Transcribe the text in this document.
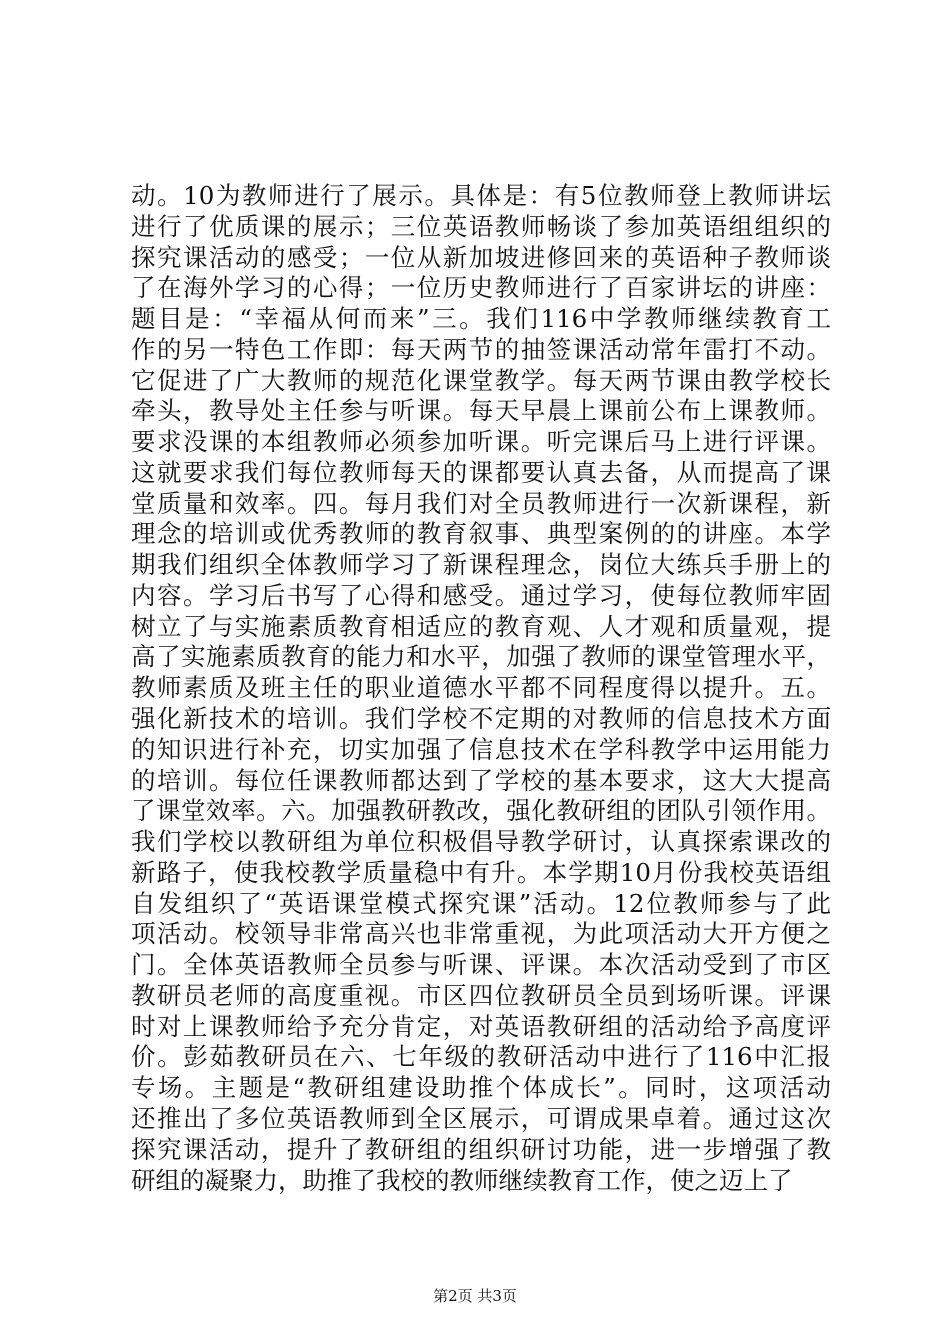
动。10为教师进行了展示。具体是：有5位教师登上教师讲坛
进行了优质课的展示；三位英语教师畅谈了参加英语组组织的
探究课活动的感受；一位从新加坡进修回来的英语种子教师谈
了在海外学习的心得；一位历史教师进行了百家讲坛的讲座：
题目是：“幸福从何而来”三。我们116中学教师继续教育工
作的另一特色工作即：每天两节的抽签课活动常年雷打不动。
它促进了广大教师的规范化课堂教学。每天两节课由教学校长
牵头，教导处主任参与听课。每天早晨上课前公布上课教师。
要求没课的本组教师必须参加听课。听完课后马上进行评课。
这就要求我们每位教师每天的课都要认真去备，从而提高了课
堂质量和效率。四。每月我们对全员教师进行一次新课程，新
理念的培训或优秀教师的教育叙事、典型案例的的讲座。本学
期我们组织全体教师学习了新课程理念，岗位大练兵手册上的
内容。学习后书写了心得和感受。通过学习，使每位教师牢固
树立了与实施素质教育相适应的教育观、人才观和质量观，提
高了实施素质教育的能力和水平，加强了教师的课堂管理水平，
教师素质及班主任的职业道德水平都不同程度得以提升。五。
强化新技术的培训。我们学校不定期的对教师的信息技术方面
的知识进行补充，切实加强了信息技术在学科教学中运用能力
的培训。每位任课教师都达到了学校的基本要求，这大大提高
了课堂效率。六。加强教研教改，强化教研组的团队引领作用。
我们学校以教研组为单位积极倡导教学研讨，认真探索课改的
新路子，使我校教学质量稳中有升。本学期10月份我校英语组
自发组织了“英语课堂模式探究课”活动。12位教师参与了此
项活动。校领导非常高兴也非常重视，为此项活动大开方便之
门。全体英语教师全员参与听课、评课。本次活动受到了市区
教研员老师的高度重视。市区四位教研员全员到场听课。评课
时对上课教师给予充分肯定，对英语教研组的活动给予高度评
价。彭茹教研员在六、七年级的教研活动中进行了116中汇报
专场。主题是“教研组建设助推个体成长”。同时，这项活动
还推出了多位英语教师到全区展示，可谓成果卓着。通过这次
探究课活动，提升了教研组的组织研讨功能，进一步增强了教
研组的凝聚力，助推了我校的教师继续教育工作，使之迈上了
第2页 共3页
